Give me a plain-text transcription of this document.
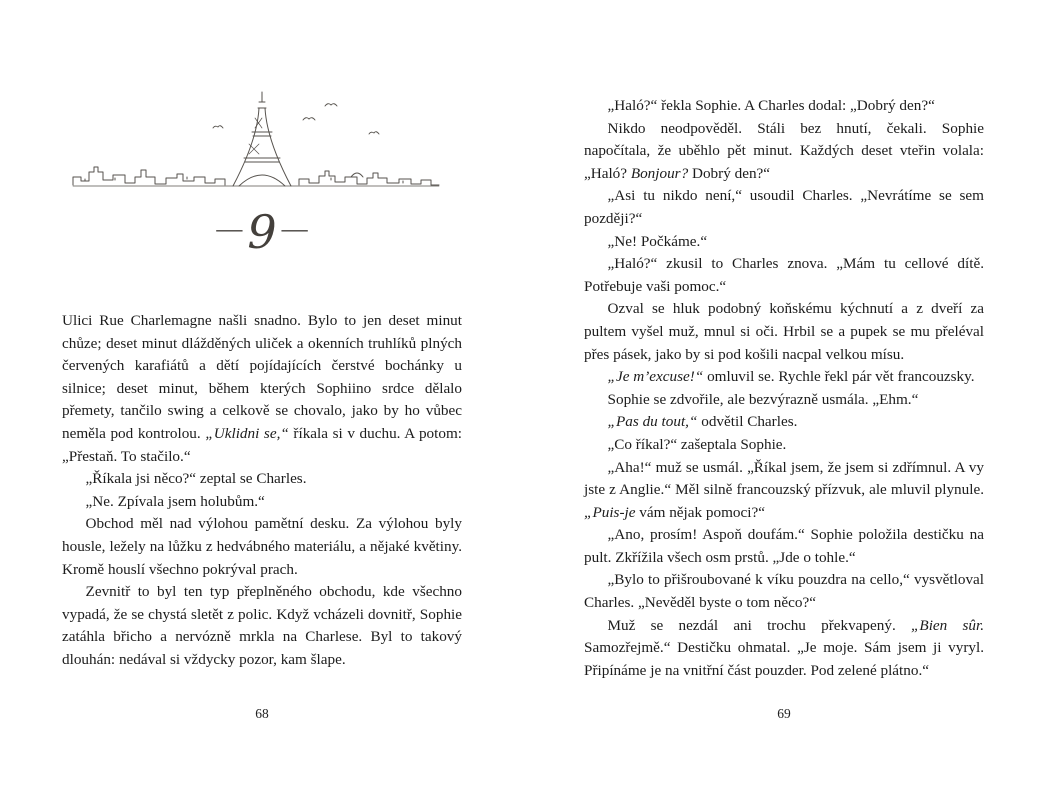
— 9 —

Ulici Rue Charlemagne našli snadno. Bylo to jen deset minut chůze; deset minut dlážděných uliček a okenních truhlíků plných červených karafiátů a dětí pojídajících čerstvé bochánky u silnice; deset minut, během kterých Sophiino srdce dělalo přemety, tančilo swing a celkově se chovalo, jako by ho vůbec neměla pod kontrolou. „Uklidni se,“ říkala si v duchu. A potom: „Přestaň. To stačilo.“

„Říkala jsi něco?“ zeptal se Charles.

„Ne. Zpívala jsem holubům.“

Obchod měl nad výlohou pamětní desku. Za výlohou byly housle, ležely na lůžku z hedvábného materiálu, a nějaké květiny. Kromě houslí všechno pokrýval prach.

Zevnitř to byl ten typ přeplněného obchodu, kde všechno vypadá, že se chystá sletět z polic. Když vcházeli dovnitř, Sophie zatáhla břicho a nervózně mrkla na Charlese. Byl to takový dlouhán: nedával si vždycky pozor, kam šlape.

68

„Haló?“ řekla Sophie. A Charles dodal: „Dobrý den?“

Nikdo neodpověděl. Stáli bez hnutí, čekali. Sophie napočítala, že uběhlo pět minut. Každých deset vteřin volala: „Haló? Bonjour? Dobrý den?“

„Asi tu nikdo není,“ usoudil Charles. „Nevrátíme se sem později?“

„Ne! Počkáme.“

„Haló?“ zkusil to Charles znova. „Mám tu cellové dítě. Potřebuje vaši pomoc.“

Ozval se hluk podobný koňskému kýchnutí a z dveří za pultem vyšel muž, mnul si oči. Hrbil se a pupek se mu přeléval přes pásek, jako by si pod košili nacpal velkou mísu.

„Je m’excuse!“ omluvil se. Rychle řekl pár vět francouzsky.

Sophie se zdvořile, ale bezvýrazně usmála. „Ehm.“

„Pas du tout,“ odvětil Charles.

„Co říkal?“ zašeptala Sophie.

„Aha!“ muž se usmál. „Říkal jsem, že jsem si zdřímnul. A vy jste z Anglie.“ Měl silně francouzský přízvuk, ale mluvil plynule. „Puis-je vám nějak pomoci?“

„Ano, prosím! Aspoň doufám.“ Sophie položila destičku na pult. Zkřížila všech osm prstů. „Jde o tohle.“

„Bylo to přišroubované k víku pouzdra na cello,“ vysvětloval Charles. „Nevěděl byste o tom něco?“

Muž se nezdál ani trochu překvapený. „Bien sûr. Samozřejmě.“ Destičku ohmatal. „Je moje. Sám jsem ji vyryl. Připínáme je na vnitřní část pouzder. Pod zelené plátno.“

69
